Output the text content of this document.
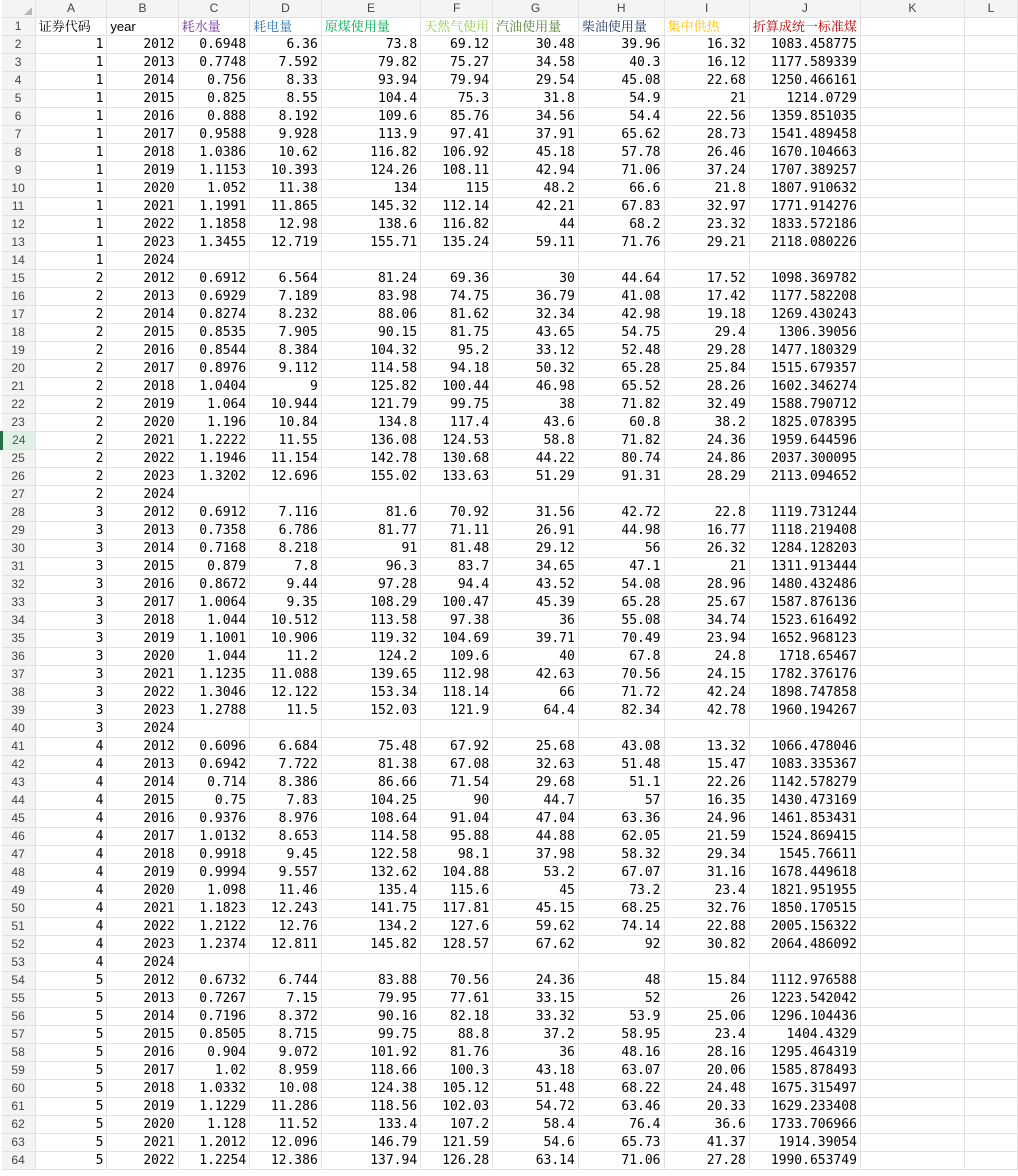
	A	B	C	D	E	F	G	H	I	J	K	L
1	证券代码	year	耗水量	耗电量	原煤使用量	天然气使用	汽油使用量	柴油使用量	集中供热	折算成统一标准煤		
2	1	2012	0.6948	6.36	73.8	69.12	30.48	39.96	16.32	1083.458775		
3	1	2013	0.7748	7.592	79.82	75.27	34.58	40.3	16.12	1177.589339		
4	1	2014	0.756	8.33	93.94	79.94	29.54	45.08	22.68	1250.466161		
5	1	2015	0.825	8.55	104.4	75.3	31.8	54.9	21	1214.0729		
6	1	2016	0.888	8.192	109.6	85.76	34.56	54.4	22.56	1359.851035		
7	1	2017	0.9588	9.928	113.9	97.41	37.91	65.62	28.73	1541.489458		
8	1	2018	1.0386	10.62	116.82	106.92	45.18	57.78	26.46	1670.104663		
9	1	2019	1.1153	10.393	124.26	108.11	42.94	71.06	37.24	1707.389257		
10	1	2020	1.052	11.38	134	115	48.2	66.6	21.8	1807.910632		
11	1	2021	1.1991	11.865	145.32	112.14	42.21	67.83	32.97	1771.914276		
12	1	2022	1.1858	12.98	138.6	116.82	44	68.2	23.32	1833.572186		
13	1	2023	1.3455	12.719	155.71	135.24	59.11	71.76	29.21	2118.080226		
14	1	2024										
15	2	2012	0.6912	6.564	81.24	69.36	30	44.64	17.52	1098.369782		
16	2	2013	0.6929	7.189	83.98	74.75	36.79	41.08	17.42	1177.582208		
17	2	2014	0.8274	8.232	88.06	81.62	32.34	42.98	19.18	1269.430243		
18	2	2015	0.8535	7.905	90.15	81.75	43.65	54.75	29.4	1306.39056		
19	2	2016	0.8544	8.384	104.32	95.2	33.12	52.48	29.28	1477.180329		
20	2	2017	0.8976	9.112	114.58	94.18	50.32	65.28	25.84	1515.679357		
21	2	2018	1.0404	9	125.82	100.44	46.98	65.52	28.26	1602.346274		
22	2	2019	1.064	10.944	121.79	99.75	38	71.82	32.49	1588.790712		
23	2	2020	1.196	10.84	134.8	117.4	43.6	60.8	38.2	1825.078395		
24	2	2021	1.2222	11.55	136.08	124.53	58.8	71.82	24.36	1959.644596		
25	2	2022	1.1946	11.154	142.78	130.68	44.22	80.74	24.86	2037.300095		
26	2	2023	1.3202	12.696	155.02	133.63	51.29	91.31	28.29	2113.094652		
27	2	2024										
28	3	2012	0.6912	7.116	81.6	70.92	31.56	42.72	22.8	1119.731244		
29	3	2013	0.7358	6.786	81.77	71.11	26.91	44.98	16.77	1118.219408		
30	3	2014	0.7168	8.218	91	81.48	29.12	56	26.32	1284.128203		
31	3	2015	0.879	7.8	96.3	83.7	34.65	47.1	21	1311.913444		
32	3	2016	0.8672	9.44	97.28	94.4	43.52	54.08	28.96	1480.432486		
33	3	2017	1.0064	9.35	108.29	100.47	45.39	65.28	25.67	1587.876136		
34	3	2018	1.044	10.512	113.58	97.38	36	55.08	34.74	1523.616492		
35	3	2019	1.1001	10.906	119.32	104.69	39.71	70.49	23.94	1652.968123		
36	3	2020	1.044	11.2	124.2	109.6	40	67.8	24.8	1718.65467		
37	3	2021	1.1235	11.088	139.65	112.98	42.63	70.56	24.15	1782.376176		
38	3	2022	1.3046	12.122	153.34	118.14	66	71.72	42.24	1898.747858		
39	3	2023	1.2788	11.5	152.03	121.9	64.4	82.34	42.78	1960.194267		
40	3	2024										
41	4	2012	0.6096	6.684	75.48	67.92	25.68	43.08	13.32	1066.478046		
42	4	2013	0.6942	7.722	81.38	67.08	32.63	51.48	15.47	1083.335367		
43	4	2014	0.714	8.386	86.66	71.54	29.68	51.1	22.26	1142.578279		
44	4	2015	0.75	7.83	104.25	90	44.7	57	16.35	1430.473169		
45	4	2016	0.9376	8.976	108.64	91.04	47.04	63.36	24.96	1461.853431		
46	4	2017	1.0132	8.653	114.58	95.88	44.88	62.05	21.59	1524.869415		
47	4	2018	0.9918	9.45	122.58	98.1	37.98	58.32	29.34	1545.76611		
48	4	2019	0.9994	9.557	132.62	104.88	53.2	67.07	31.16	1678.449618		
49	4	2020	1.098	11.46	135.4	115.6	45	73.2	23.4	1821.951955		
50	4	2021	1.1823	12.243	141.75	117.81	45.15	68.25	32.76	1850.170515		
51	4	2022	1.2122	12.76	134.2	127.6	59.62	74.14	22.88	2005.156322		
52	4	2023	1.2374	12.811	145.82	128.57	67.62	92	30.82	2064.486092		
53	4	2024										
54	5	2012	0.6732	6.744	83.88	70.56	24.36	48	15.84	1112.976588		
55	5	2013	0.7267	7.15	79.95	77.61	33.15	52	26	1223.542042		
56	5	2014	0.7196	8.372	90.16	82.18	33.32	53.9	25.06	1296.104436		
57	5	2015	0.8505	8.715	99.75	88.8	37.2	58.95	23.4	1404.4329		
58	5	2016	0.904	9.072	101.92	81.76	36	48.16	28.16	1295.464319		
59	5	2017	1.02	8.959	118.66	100.3	43.18	63.07	20.06	1585.878493		
60	5	2018	1.0332	10.08	124.38	105.12	51.48	68.22	24.48	1675.315497		
61	5	2019	1.1229	11.286	118.56	102.03	54.72	63.46	20.33	1629.233408		
62	5	2020	1.128	11.52	133.4	107.2	58.4	76.4	36.6	1733.706966		
63	5	2021	1.2012	12.096	146.79	121.59	54.6	65.73	41.37	1914.39054		
64	5	2022	1.2254	12.386	137.94	126.28	63.14	71.06	27.28	1990.653749		
